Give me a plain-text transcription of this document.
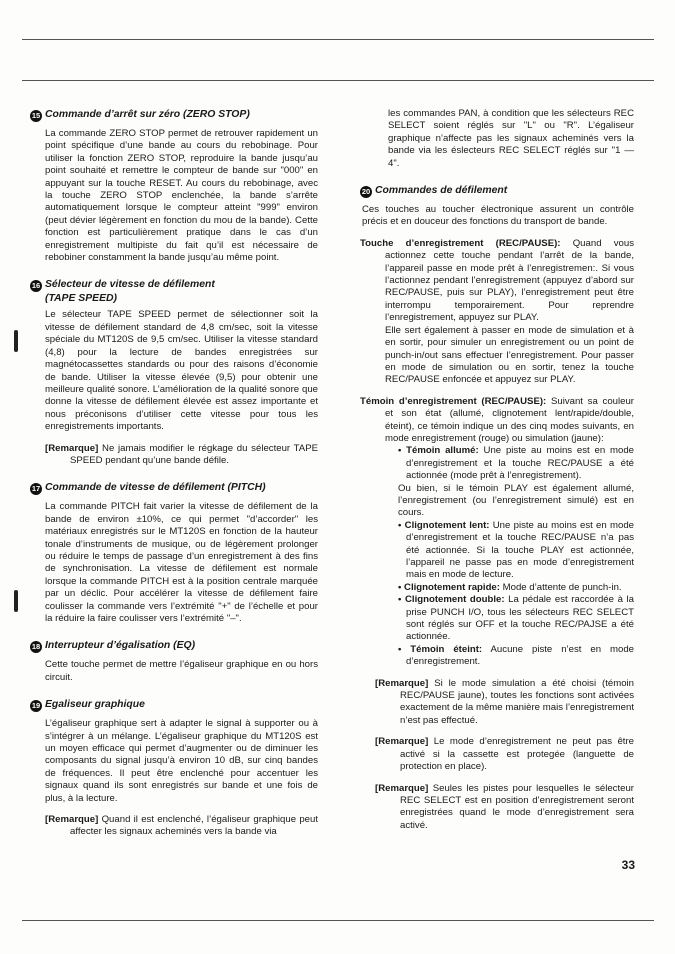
15 Commande d’arrêt sur zéro (ZERO STOP)

La commande ZERO STOP permet de retrouver rapidement un point spécifique d’une bande au cours du rebobinage. Pour utiliser la fonction ZERO STOP, reproduire la bande jusqu’au point souhaité et remettre le compteur de bande sur "000" en appuyant sur la touche RESET. Au cours du rebobinage, avec la touche ZERO STOP enclenchée, la bande s’arrête automatiquement lorsque le compteur atteint "999" environ (peut dévier légèrement en fonction du mou de la bande). Cette fonction est particulièrement pratique dans le cas d’un enregistrement multipiste du fait qu’il est nécessaire de rebobiner constamment la bande jusqu’au même point.

16 Sélecteur de vitesse de défilement
(TAPE SPEED)

Le sélecteur TAPE SPEED permet de sélectionner soit la vitesse de défilement standard de 4,8 cm/sec, soit la vitesse spéciale du MT120S de 9,5 cm/sec. Utiliser la vitesse standard (4,8) pour la lecture de bandes enregistrées sur magnétocassettes standards ou pour des raisons d’économie de bande. Utiliser la vitesse élevée (9,5) pour obtenir une meilleure qualité sonore. L’amélioration de la qualité sonore que donne la vitesse de défilement élevée est assez importante et nous préconisons d’utiliser cette vitesse pour tous les enregistrements importants.

[Remarque] Ne jamais modifier le régkage du sélecteur TAPE SPEED pendant qu’une bande défile.

17 Commande de vitesse de défilement (PITCH)

La commande PITCH fait varier la vitesse de défilement de la bande de environ ±10%, ce qui permet "d’accorder" les matériaux enregistrés sur le MT120S en fonction de la hauteur tonale d’instruments de musique, ou de légèrement prolonger ou réduire le temps de passage d’un enregistrement à des fins de synchronisation. La vitesse de défilement est normale lorsque la commande PITCH est à la position centrale marquée par un déclic. Pour accélérer la vitesse de défilement faire coulisser la commande vers l’extrémité "+" de l’échelle et pour la réduire la faire coulisser vers l’extrémité "–".

18 Interrupteur d’égalisation (EQ)

Cette touche permet de mettre l’égaliseur graphique en ou hors circuit.

19 Egaliseur graphique

L’égaliseur graphique sert à adapter le signal à supporter ou à s’intégrer à un mélange. L’égaliseur graphique du MT120S est un moyen efficace qui permet d’augmenter ou de diminuer les composants du signal jusqu’à environ 10 dB, sur cinq bandes de fréquences. Il peut être enclenché pour accentuer les signaux quand ils sont enregistrés sur bande et une fois de plus, à la lecture.

[Remarque] Quand il est enclenché, l’égaliseur graphique peut affecter les signaux acheminés vers la bande via

les commandes PAN, à condition que les sélecteurs REC SELECT soient réglés sur "L" ou "R". L’égaliseur graphique n’affecte pas les signaux acheminés vers la bande via les éslecteurs REC SELECT réglés sur "1 — 4".

20 Commandes de défilement

Ces touches au toucher électronique assurent un contrôle précis et en douceur des fonctions du transport de bande.

Touche d’enregistrement (REC/PAUSE): Quand vous actionnez cette touche pendant l’arrêt de la bande, l’appareil passe en mode prêt à l’enregistremen:. Si vous l’actionnez pendant l’enregistrement (appuyez d’abord sur REC/PAUSE, puis sur PLAY), l’enregistrement peut être interrompu temporairement. Pour reprendre l’enregistrement, appuyez sur PLAY.

Elle sert également à passer en mode de simulation et à en sortir, pour simuler un enregistrement ou un point de punch-in/out sans effectuer l’enregistrement. Pour passer en mode de simulation ou en sortir, tenez la touche REC/PAUSE enfoncée et appuyez sur PLAY.

Témoin d’enregistrement (REC/PAUSE): Suivant sa couleur et son état (allumé, clignotement lent/rapide/double, éteint), ce témoin indique un des cinq modes suivants, en mode enregistrement (rouge) ou simulation (jaune):

• Témoin allumé: Une piste au moins est en mode d’enregistrement et la touche REC/PAUSE a été actionnée (mode prêt à l’enregistrement).

Ou bien, si le témoin PLAY est également allumé, l’enregistrement (ou l’enregistrement simulé) est en cours.

• Clignotement lent: Une piste au moins est en mode d’enregistrement et la touche REC/PAUSE n’a pas été actionnée. Si la touche PLAY est actionnée, l’appareil ne passe pas en mode d’enregistrement mais en mode de lecture.

• Clignotement rapide: Mode d’attente de punch-in.

• Clignotement double: La pédale est raccordée à la prise PUNCH I/O, tous les sélecteurs REC SELECT sont réglés sur OFF et la touche REC/PAJSE a été actionnée.

• Témoin éteint: Aucune piste n’est en mode d’enregistrement.

[Remarque] Si le mode simulation a été choisi (témoin REC/PAUSE jaune), toutes les fonctions sont activées exactement de la même manière mais l’enregistrement n’est pas effectué.

[Remarque] Le mode d’enregistrement ne peut pas être activé si la cassette est protegée (languette de protection en place).

[Remarque] Seules les pistes pour lesquelles le sélecteur REC SELECT est en position d’enregistrement seront enregistrées quand le mode d’enregistrement sera activé.

33
